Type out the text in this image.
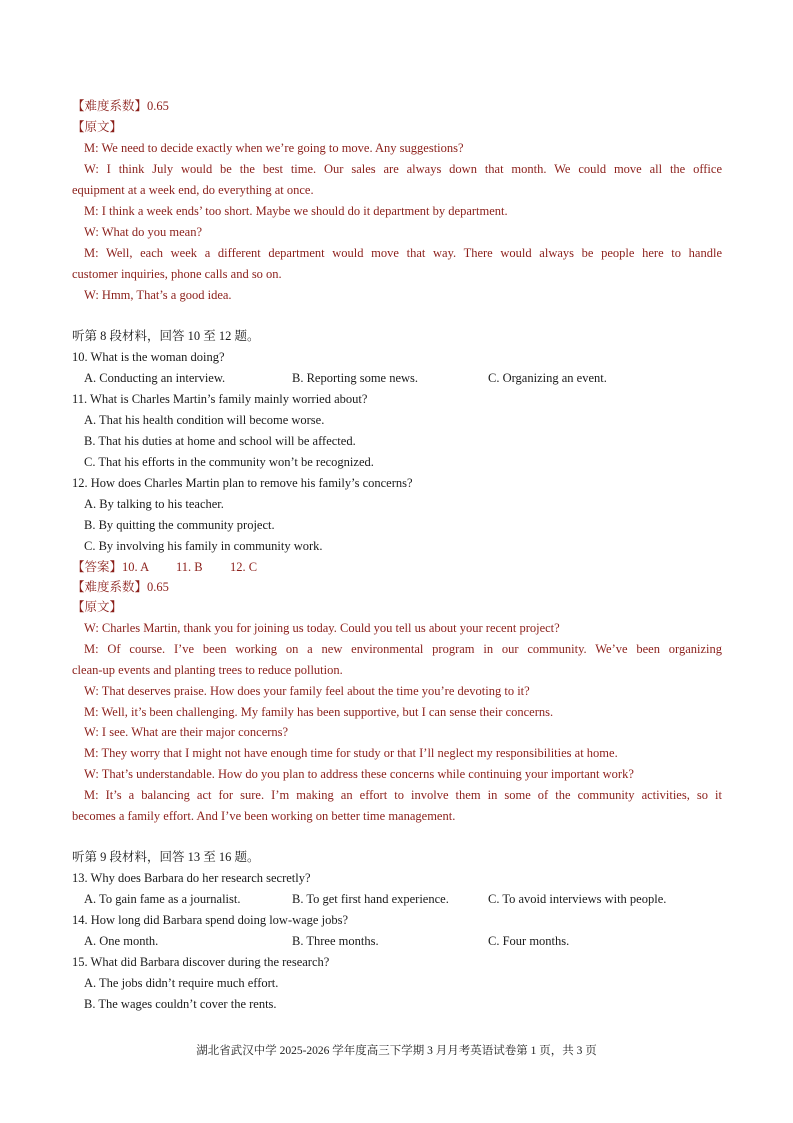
【难度系数】0.65
【原文】
M: We need to decide exactly when we’re going to move. Any suggestions?
W: I think July would be the best time. Our sales are always down that month. We could move all the office
equipment at a week end, do everything at once.
M: I think a week ends’ too short. Maybe we should do it department by department.
W: What do you mean?
M: Well, each week a different department would move that way. There would always be people here to handle
customer inquiries, phone calls and so on.
W: Hmm, That’s a good idea.
听第 8 段材料，回答 10 至 12 题。
10. What is the woman doing?
A. Conducting an interview.	B. Reporting some news.	C. Organizing an event.
11. What is Charles Martin’s family mainly worried about?
A. That his health condition will become worse.
B. That his duties at home and school will be affected.
C. That his efforts in the community won’t be recognized.
12. How does Charles Martin plan to remove his family’s concerns?
A. By talking to his teacher.
B. By quitting the community project.
C. By involving his family in community work.
【答案】10. A 11. B 12. C
【难度系数】0.65
【原文】
W: Charles Martin, thank you for joining us today. Could you tell us about your recent project?
M: Of course. I’ve been working on a new environmental program in our community. We’ve been organizing
clean-up events and planting trees to reduce pollution.
W: That deserves praise. How does your family feel about the time you’re devoting to it?
M: Well, it’s been challenging. My family has been supportive, but I can sense their concerns.
W: I see. What are their major concerns?
M: They worry that I might not have enough time for study or that I’ll neglect my responsibilities at home.
W: That’s understandable. How do you plan to address these concerns while continuing your important work?
M: It’s a balancing act for sure. I’m making an effort to involve them in some of the community activities, so it
becomes a family effort. And I’ve been working on better time management.
听第 9 段材料，回答 13 至 16 题。
13. Why does Barbara do her research secretly?
A. To gain fame as a journalist.	B. To get first hand experience.	C. To avoid interviews with people.
14. How long did Barbara spend doing low-wage jobs?
A. One month.	B. Three months.	C. Four months.
15. What did Barbara discover during the research?
A. The jobs didn’t require much effort.
B. The wages couldn’t cover the rents.
湖北省武汉中学 2025-2026 学年度高三下学期 3 月月考英语试卷第 1 页，共 3 页
